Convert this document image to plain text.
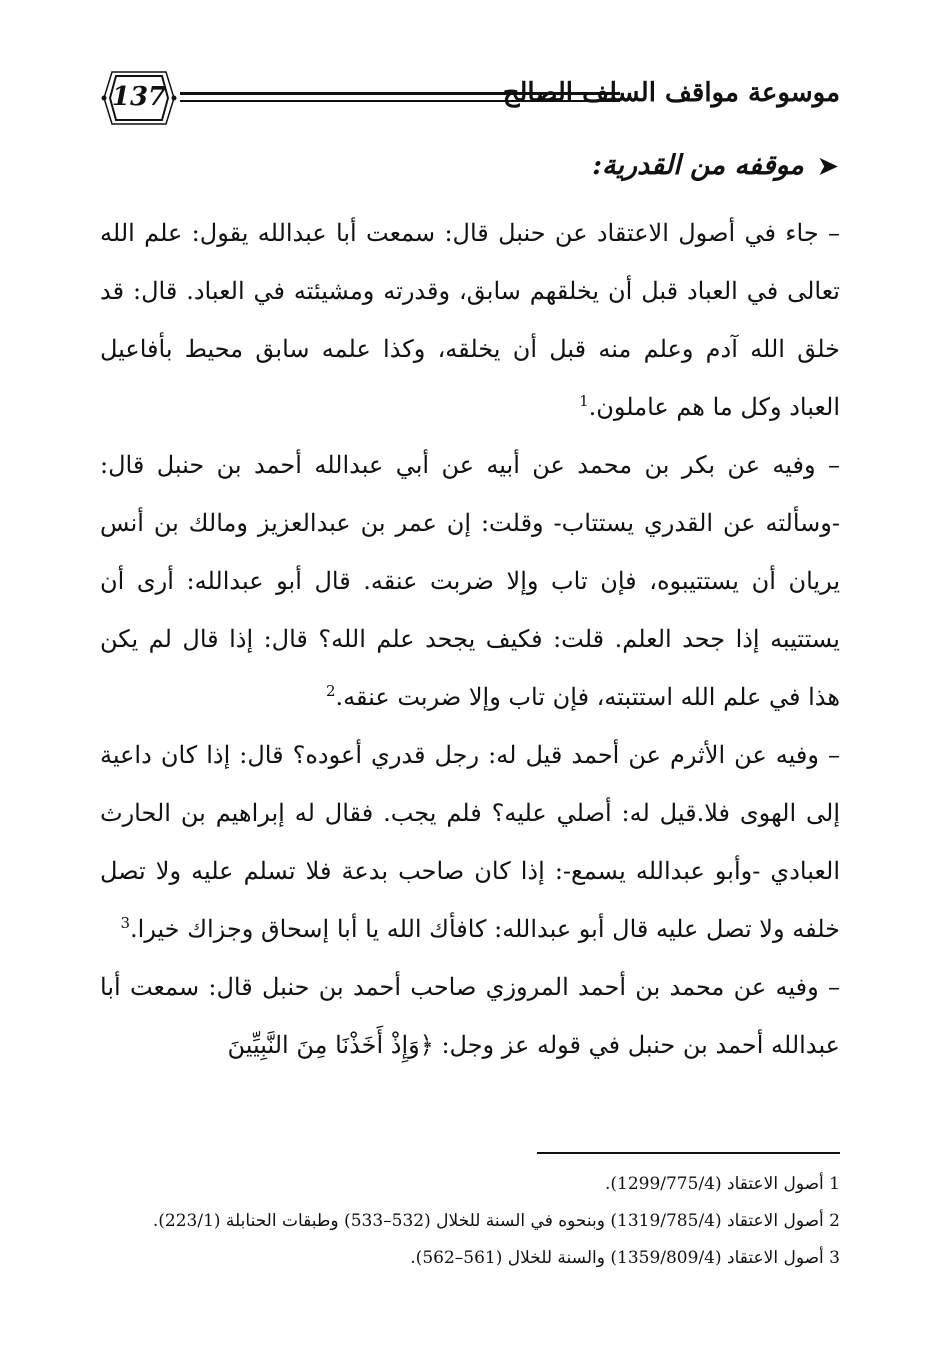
137	موسوعة مواقف السلف الصالح
➤موقفه من القدرية:

– جاء في أصول الاعتقاد عن حنبل قال: سمعت أبا عبدالله يقول: علم الله تعالى في العباد قبل أن يخلقهم سابق، وقدرته ومشيئته في العباد. قال: قد خلق الله آدم وعلم منه قبل أن يخلقه، وكذا علمه سابق محيط بأفاعيل العباد وكل ما هم عاملون.$^1$

– وفيه عن بكر بن محمد عن أبيه عن أبي عبدالله أحمد بن حنبل قال: -وسألته عن القدري يستتاب- وقلت: إن عمر بن عبدالعزيز ومالك بن أنس يريان أن يستتيبوه، فإن تاب وإلا ضربت عنقه. قال أبو عبدالله: أرى أن يستتيبه إذا جحد العلم. قلت: فكيف يجحد علم الله؟ قال: إذا قال لم يكن هذا في علم الله استتبته، فإن تاب وإلا ضربت عنقه.$^2$

– وفيه عن الأثرم عن أحمد قيل له: رجل قدري أعوده؟ قال: إذا كان داعية إلى الهوى فلا.قيل له: أصلي عليه؟ فلم يجب. فقال له إبراهيم بن الحارث العبادي -وأبو عبدالله يسمع-: إذا كان صاحب بدعة فلا تسلم عليه ولا تصل خلفه ولا تصل عليه قال أبو عبدالله: كافأك الله يا أبا إسحاق وجزاك خيرا.$^3$

– وفيه عن محمد بن أحمد المروزي صاحب أحمد بن حنبل قال: سمعت أبا عبدالله أحمد بن حنبل في قوله عز وجل: ﴿وَإِذْ أَخَذْنَا مِنَ النَّبِيِّينَ

1 أصول الاعتقاد (1299/775/4).
2 أصول الاعتقاد (1319/785/4) وبنحوه في السنة للخلال (532–533) وطبقات الحنابلة (223/1).
3 أصول الاعتقاد (1359/809/4) والسنة للخلال (561–562).
